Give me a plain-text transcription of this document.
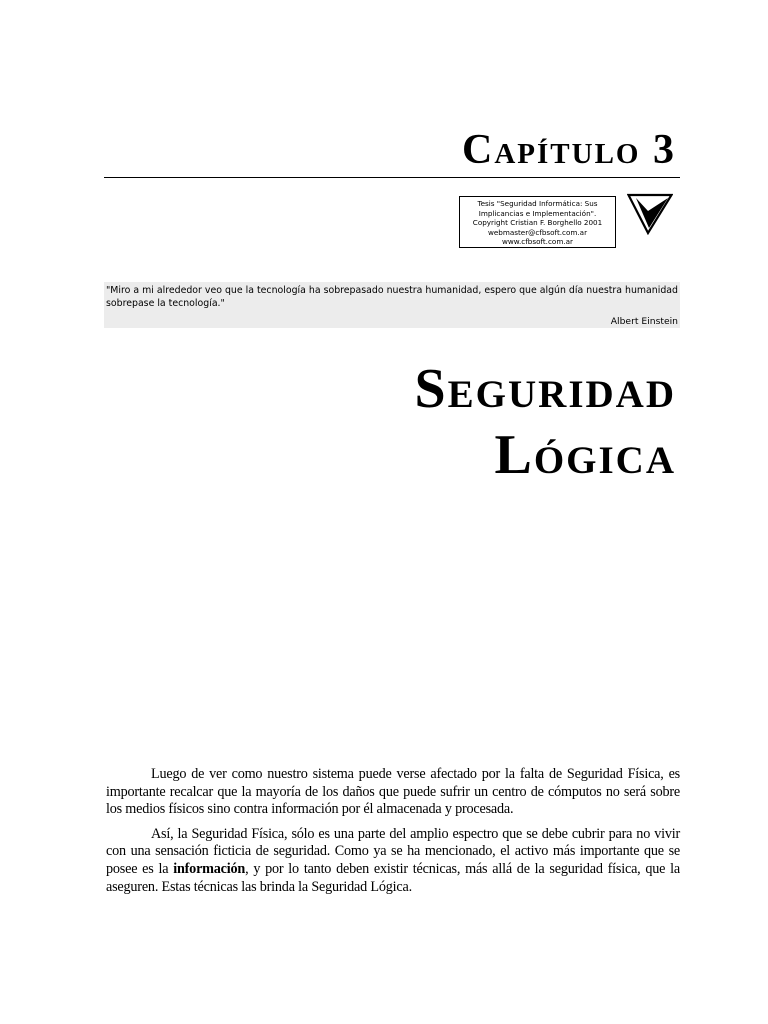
Capítulo 3
Tesis "Seguridad Informática: Sus
Implicancias e Implementación".
Copyright Cristian F. Borghello 2001
webmaster@cfbsoft.com.ar
www.cfbsoft.com.ar

"Miro a mi alrededor veo que la tecnología ha sobrepasado nuestra humanidad, espero que algún día nuestra humanidad sobrepase la tecnología."

Albert Einstein

Seguridad
Lógica

Luego de ver como nuestro sistema puede verse afectado por la falta de Seguridad Física, es importante recalcar que la mayoría de los daños que puede sufrir un centro de cómputos no será sobre los medios físicos sino contra información por él almacenada y procesada.

Así, la Seguridad Física, sólo es una parte del amplio espectro que se debe cubrir para no vivir con una sensación ficticia de seguridad. Como ya se ha mencionado, el activo más importante que se posee es la información, y por lo tanto deben existir técnicas, más allá de la seguridad física, que la aseguren. Estas técnicas las brinda la Seguridad Lógica.
